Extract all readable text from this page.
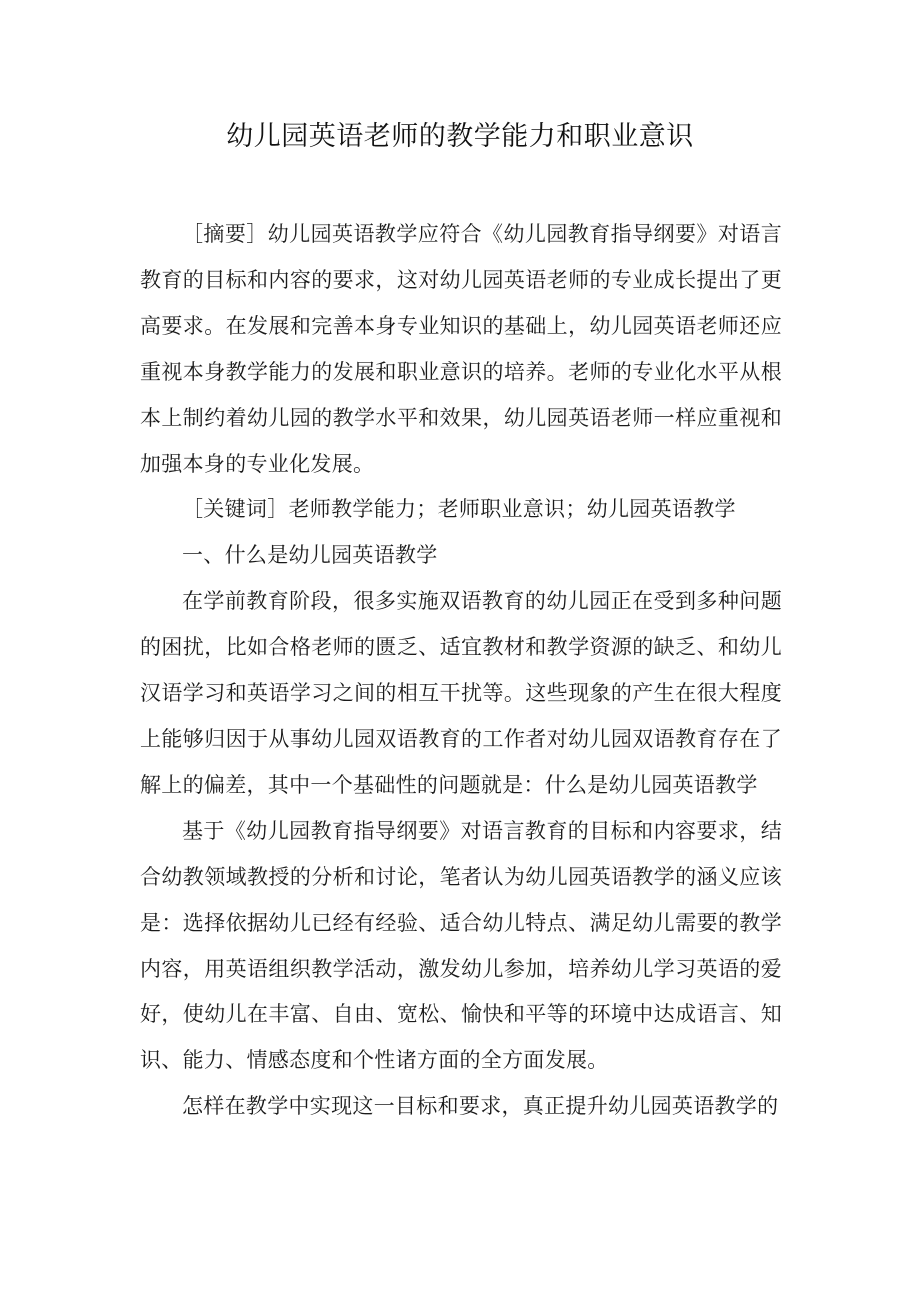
幼儿园英语老师的教学能力和职业意识

［摘要］幼儿园英语教学应符合《幼儿园教育指导纲要》对语言教育的目标和内容的要求，这对幼儿园英语老师的专业成长提出了更高要求。在发展和完善本身专业知识的基础上，幼儿园英语老师还应重视本身教学能力的发展和职业意识的培养。老师的专业化水平从根本上制约着幼儿园的教学水平和效果，幼儿园英语老师一样应重视和加强本身的专业化发展。

［关键词］老师教学能力；老师职业意识；幼儿园英语教学

一、什么是幼儿园英语教学

在学前教育阶段，很多实施双语教育的幼儿园正在受到多种问题的困扰，比如合格老师的匮乏、适宜教材和教学资源的缺乏、和幼儿汉语学习和英语学习之间的相互干扰等。这些现象的产生在很大程度上能够归因于从事幼儿园双语教育的工作者对幼儿园双语教育存在了解上的偏差，其中一个基础性的问题就是：什么是幼儿园英语教学

基于《幼儿园教育指导纲要》对语言教育的目标和内容要求，结合幼教领域教授的分析和讨论，笔者认为幼儿园英语教学的涵义应该是：选择依据幼儿已经有经验、适合幼儿特点、满足幼儿需要的教学内容，用英语组织教学活动，激发幼儿参加，培养幼儿学习英语的爱好，使幼儿在丰富、自由、宽松、愉快和平等的环境中达成语言、知识、能力、情感态度和个性诸方面的全方面发展。

怎样在教学中实现这一目标和要求，真正提升幼儿园英语教学的
